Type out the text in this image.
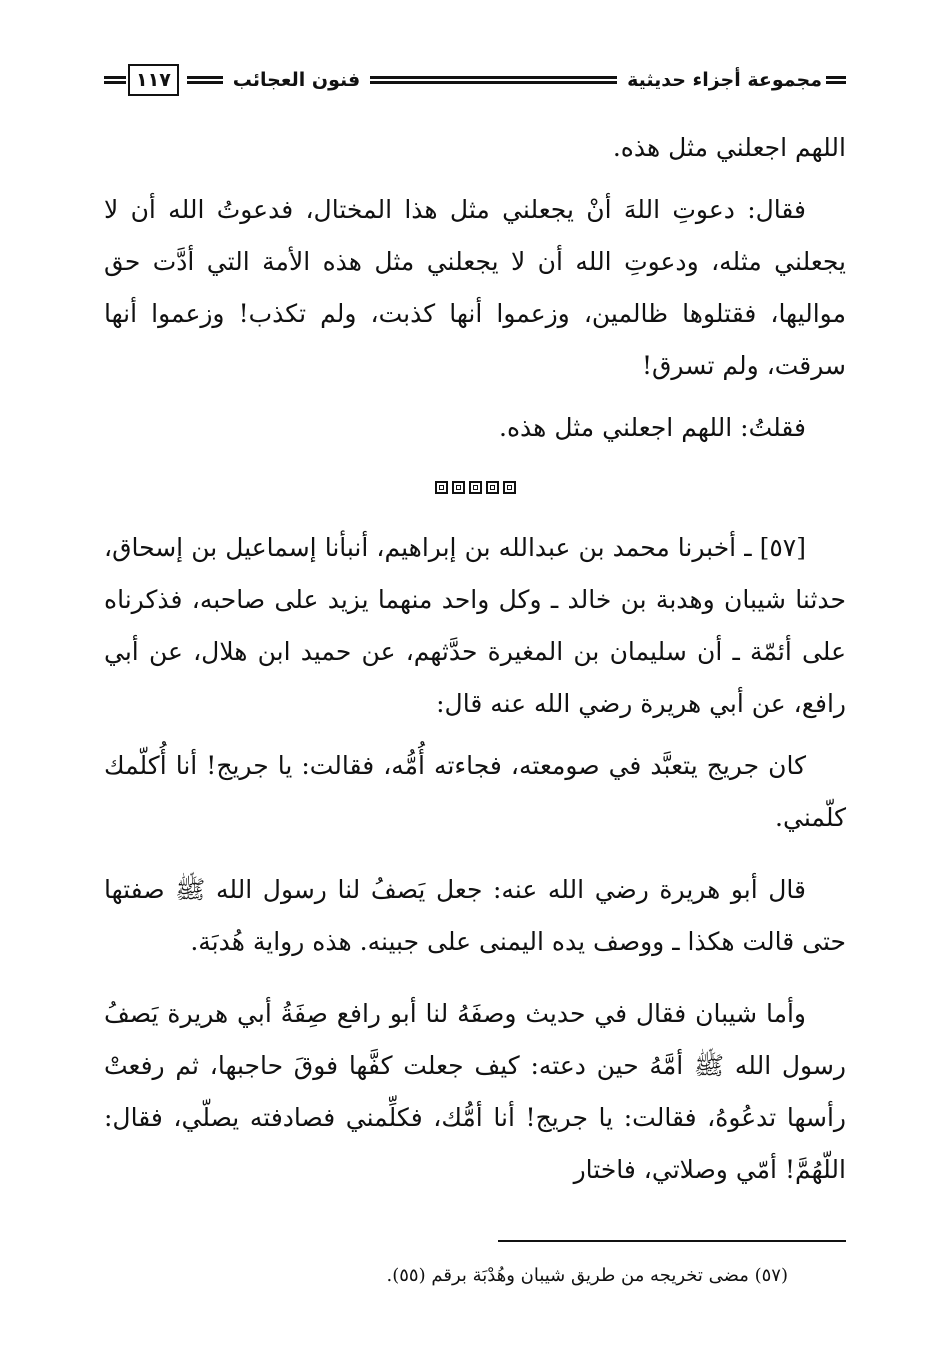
مجموعة أجزاء حديثية
فنون العجائب
١١٧

اللهم اجعلني مثل هذه.

فقال: دعوتِ اللهَ أنْ يجعلني مثل هذا المختال، فدعوتُ الله أن لا يجعلني مثله، ودعوتِ الله أن لا يجعلني مثل هذه الأمة التي أدَّت حق مواليها، فقتلوها ظالمين، وزعموا أنها كذبت، ولم تكذب! وزعموا أنها سرقت، ولم تسرق!

فقلتُ: اللهم اجعلني مثل هذه.

[٥٧] ـ أخبرنا محمد بن عبدالله بن إبراهيم، أنبأنا إسماعيل بن إسحاق، حدثنا شيبان وهدبة بن خالد ـ وكل واحد منهما يزيد على صاحبه، فذكرناه على أئمّة ـ أن سليمان بن المغيرة حدَّثهم، عن حميد ابن هلال، عن أبي رافع، عن أبي هريرة رضي الله عنه قال:

كان جريج يتعبَّد في صومعته، فجاءته أُمُّه، فقالت: يا جريج! أنا أُكلّمك كلّمني.

قال أبو هريرة رضي الله عنه: جعل يَصفُ لنا رسول الله ﷺ صفتها حتى قالت هكذا ـ ووصف يده اليمنى على جبينه. هذه رواية هُدبَة.

وأما شيبان فقال في حديث وصفَهُ لنا أبو رافع صِفَةُ أبي هريرة يَصفُ رسول الله ﷺ أمَّهُ حين دعته: كيف جعلت كفَّها فوقَ حاجبها، ثم رفعتْ رأسها تدعُوهُ، فقالت: يا جريج! أنا أمُّك، فكلِّمني فصادفته يصلّي، فقال: اللّهُمَّ! أمّي وصلاتي، فاختار

(٥٧) مضى تخريجه من طريق شيبان وهُدْبَة برقم (٥٥).
